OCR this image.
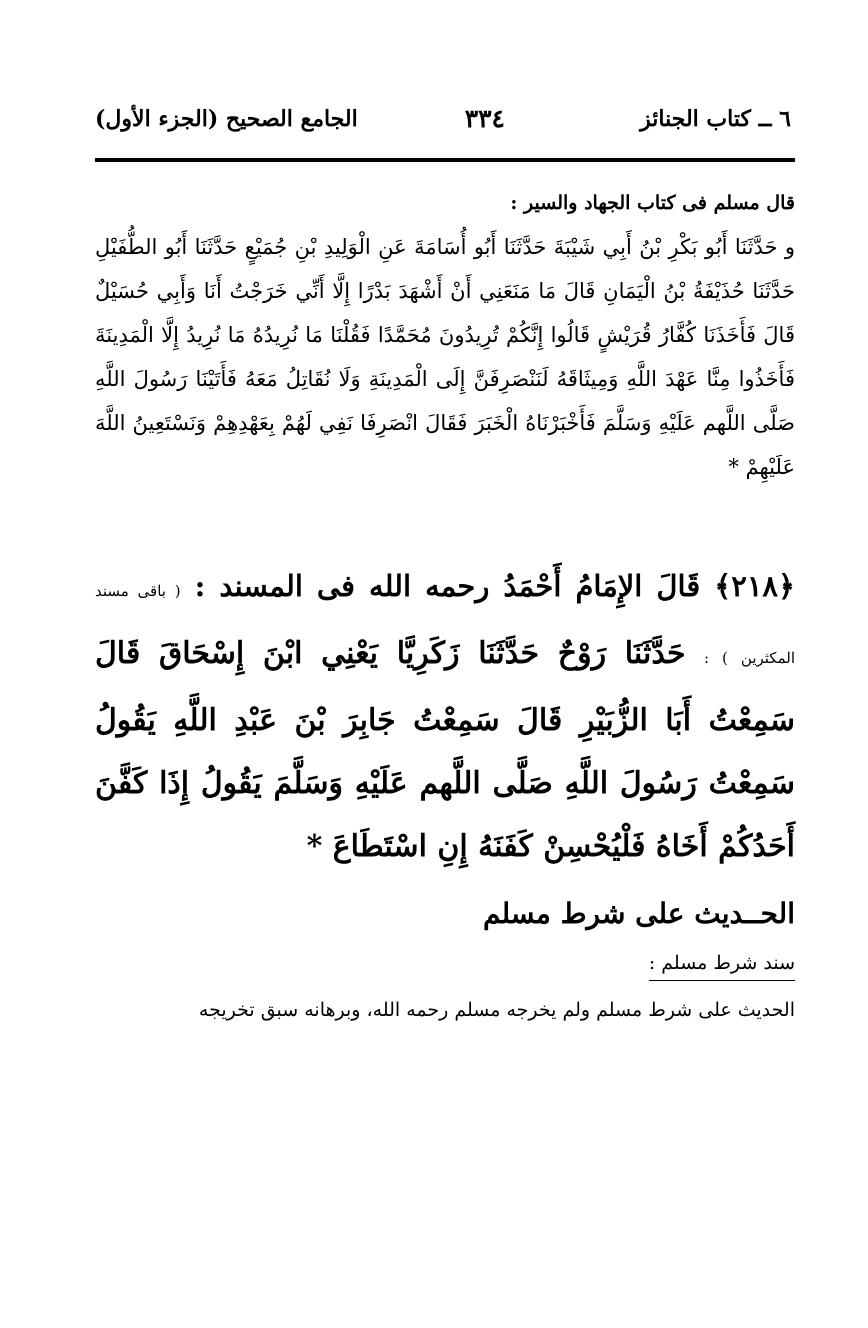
٦ ــ كتاب الجنائز
٣٣٤
الجامع الصحيح (الجزء الأول)
قال مسلم فى كتاب الجهاد والسير :
و حَدَّثَنَا أَبُو بَكْرِ بْنُ أَبِي شَيْبَةَ حَدَّثَنَا أَبُو أُسَامَةَ عَنِ الْوَلِيدِ بْنِ جُمَيْعٍ حَدَّثَنَا أَبُو الطُّفَيْلِ حَدَّثَنَا حُذَيْفَةُ بْنُ الْيَمَانِ قَالَ مَا مَنَعَنِي أَنْ أَشْهَدَ بَدْرًا إِلَّا أَنِّي خَرَجْتُ أَنَا وَأَبِي حُسَيْلٌ قَالَ فَأَخَذَنَا كُفَّارُ قُرَيْشٍ قَالُوا إِنَّكُمْ تُرِيدُونَ مُحَمَّدًا فَقُلْنَا مَا نُرِيدُهُ مَا نُرِيدُ إِلَّا الْمَدِينَةَ فَأَخَذُوا مِنَّا عَهْدَ اللَّهِ وَمِيثَاقَهُ لَنَنْصَرِفَنَّ إِلَى الْمَدِينَةِ وَلَا نُقَاتِلُ مَعَهُ فَأَتَيْنَا رَسُولَ اللَّهِ صَلَّى اللَّهم عَلَيْهِ وَسَلَّمَ فَأَخْبَرْنَاهُ الْخَبَرَ فَقَالَ انْصَرِفَا نَفِي لَهُمْ بِعَهْدِهِمْ وَنَسْتَعِينُ اللَّهَ عَلَيْهِمْ *
﴿٢١٨﴾ قَالَ الإِمَامُ أَحْمَدُ رحمه الله فى المسند : ( باقى مسند المكثرين ) : حَدَّثَنَا رَوْحٌ حَدَّثَنَا زَكَرِيَّا يَعْنِي ابْنَ إِسْحَاقَ قَالَ سَمِعْتُ أَبَا الزُّبَيْرِ قَالَ سَمِعْتُ جَابِرَ بْنَ عَبْدِ اللَّهِ يَقُولُ سَمِعْتُ رَسُولَ اللَّهِ صَلَّى اللَّهم عَلَيْهِ وَسَلَّمَ يَقُولُ إِذَا كَفَّنَ أَحَدُكُمْ أَخَاهُ فَلْيُحْسِنْ كَفَنَهُ إِنِ اسْتَطَاعَ *
الحــديث على شرط مسلم
سند شرط مسلم :
الحديث على شرط مسلم ولم يخرجه مسلم رحمه الله، وبرهانه سبق تخريجه
